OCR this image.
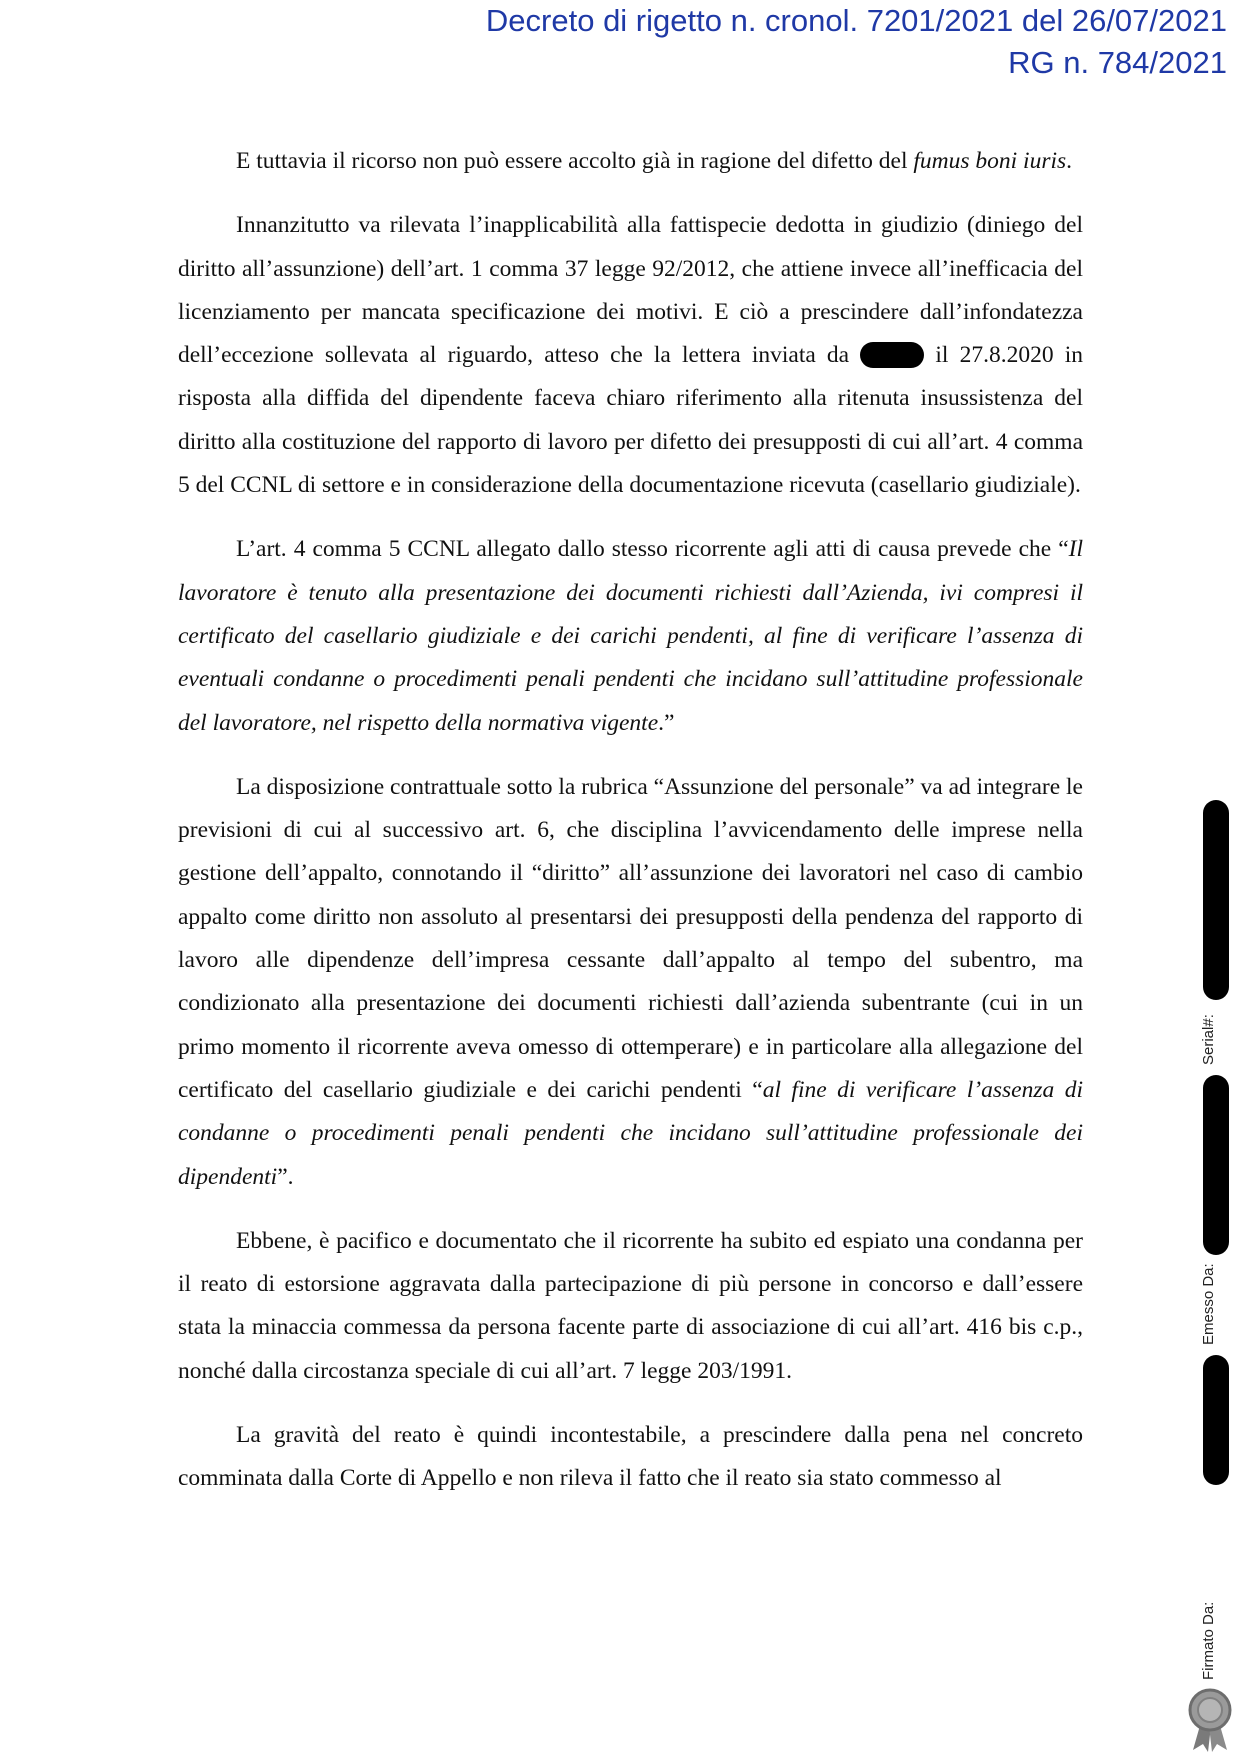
Decreto di rigetto n. cronol. 7201/2021 del 26/07/2021
RG n. 784/2021

E tuttavia il ricorso non può essere accolto già in ragione del difetto del fumus boni iuris.

Innanzitutto va rilevata l’inapplicabilità alla fattispecie dedotta in giudizio (diniego del diritto all’assunzione) dell’art. 1 comma 37 legge 92/2012, che attiene invece all’inefficacia del licenziamento per mancata specificazione dei motivi. E ciò a prescindere dall’infondatezza dell’eccezione sollevata al riguardo, atteso che la lettera inviata da	il 27.8.2020 in risposta alla diffida del dipendente faceva chiaro riferimento alla ritenuta insussistenza del diritto alla costituzione del rapporto di lavoro per difetto dei presupposti di cui all’art. 4 comma 5 del CCNL di settore e in considerazione della documentazione ricevuta (casellario giudiziale).

L’art. 4 comma 5 CCNL allegato dallo stesso ricorrente agli atti di causa prevede che “Il lavoratore è tenuto alla presentazione dei documenti richiesti dall’Azienda, ivi compresi il certificato del casellario giudiziale e dei carichi pendenti, al fine di verificare l’assenza di eventuali condanne o procedimenti penali pendenti che incidano sull’attitudine professionale del lavoratore, nel rispetto della normativa vigente.”

La disposizione contrattuale sotto la rubrica “Assunzione del personale” va ad integrare le previsioni di cui al successivo art. 6, che disciplina l’avvicendamento delle imprese nella gestione dell’appalto, connotando il “diritto” all’assunzione dei lavoratori nel caso di cambio appalto come diritto non assoluto al presentarsi dei presupposti della pendenza del rapporto di lavoro alle dipendenze dell’impresa cessante dall’appalto al tempo del subentro, ma condizionato alla presentazione dei documenti richiesti dall’azienda subentrante (cui in un primo momento il ricorrente aveva omesso di ottemperare) e in particolare alla allegazione del certificato del casellario giudiziale e dei carichi pendenti “al fine di verificare l’assenza di condanne o procedimenti penali pendenti che incidano sull’attitudine professionale dei dipendenti”.

Ebbene, è pacifico e documentato che il ricorrente ha subito ed espiato una condanna per il reato di estorsione aggravata dalla partecipazione di più persone in concorso e dall’essere stata la minaccia commessa da persona facente parte di associazione di cui all’art. 416 bis c.p., nonché dalla circostanza speciale di cui all’art. 7 legge 203/1991.

La gravità del reato è quindi incontestabile, a prescindere dalla pena nel concreto comminata dalla Corte di Appello e non rileva il fatto che il reato sia stato commesso al

Serial#:
Emesso Da:
Firmato Da:
